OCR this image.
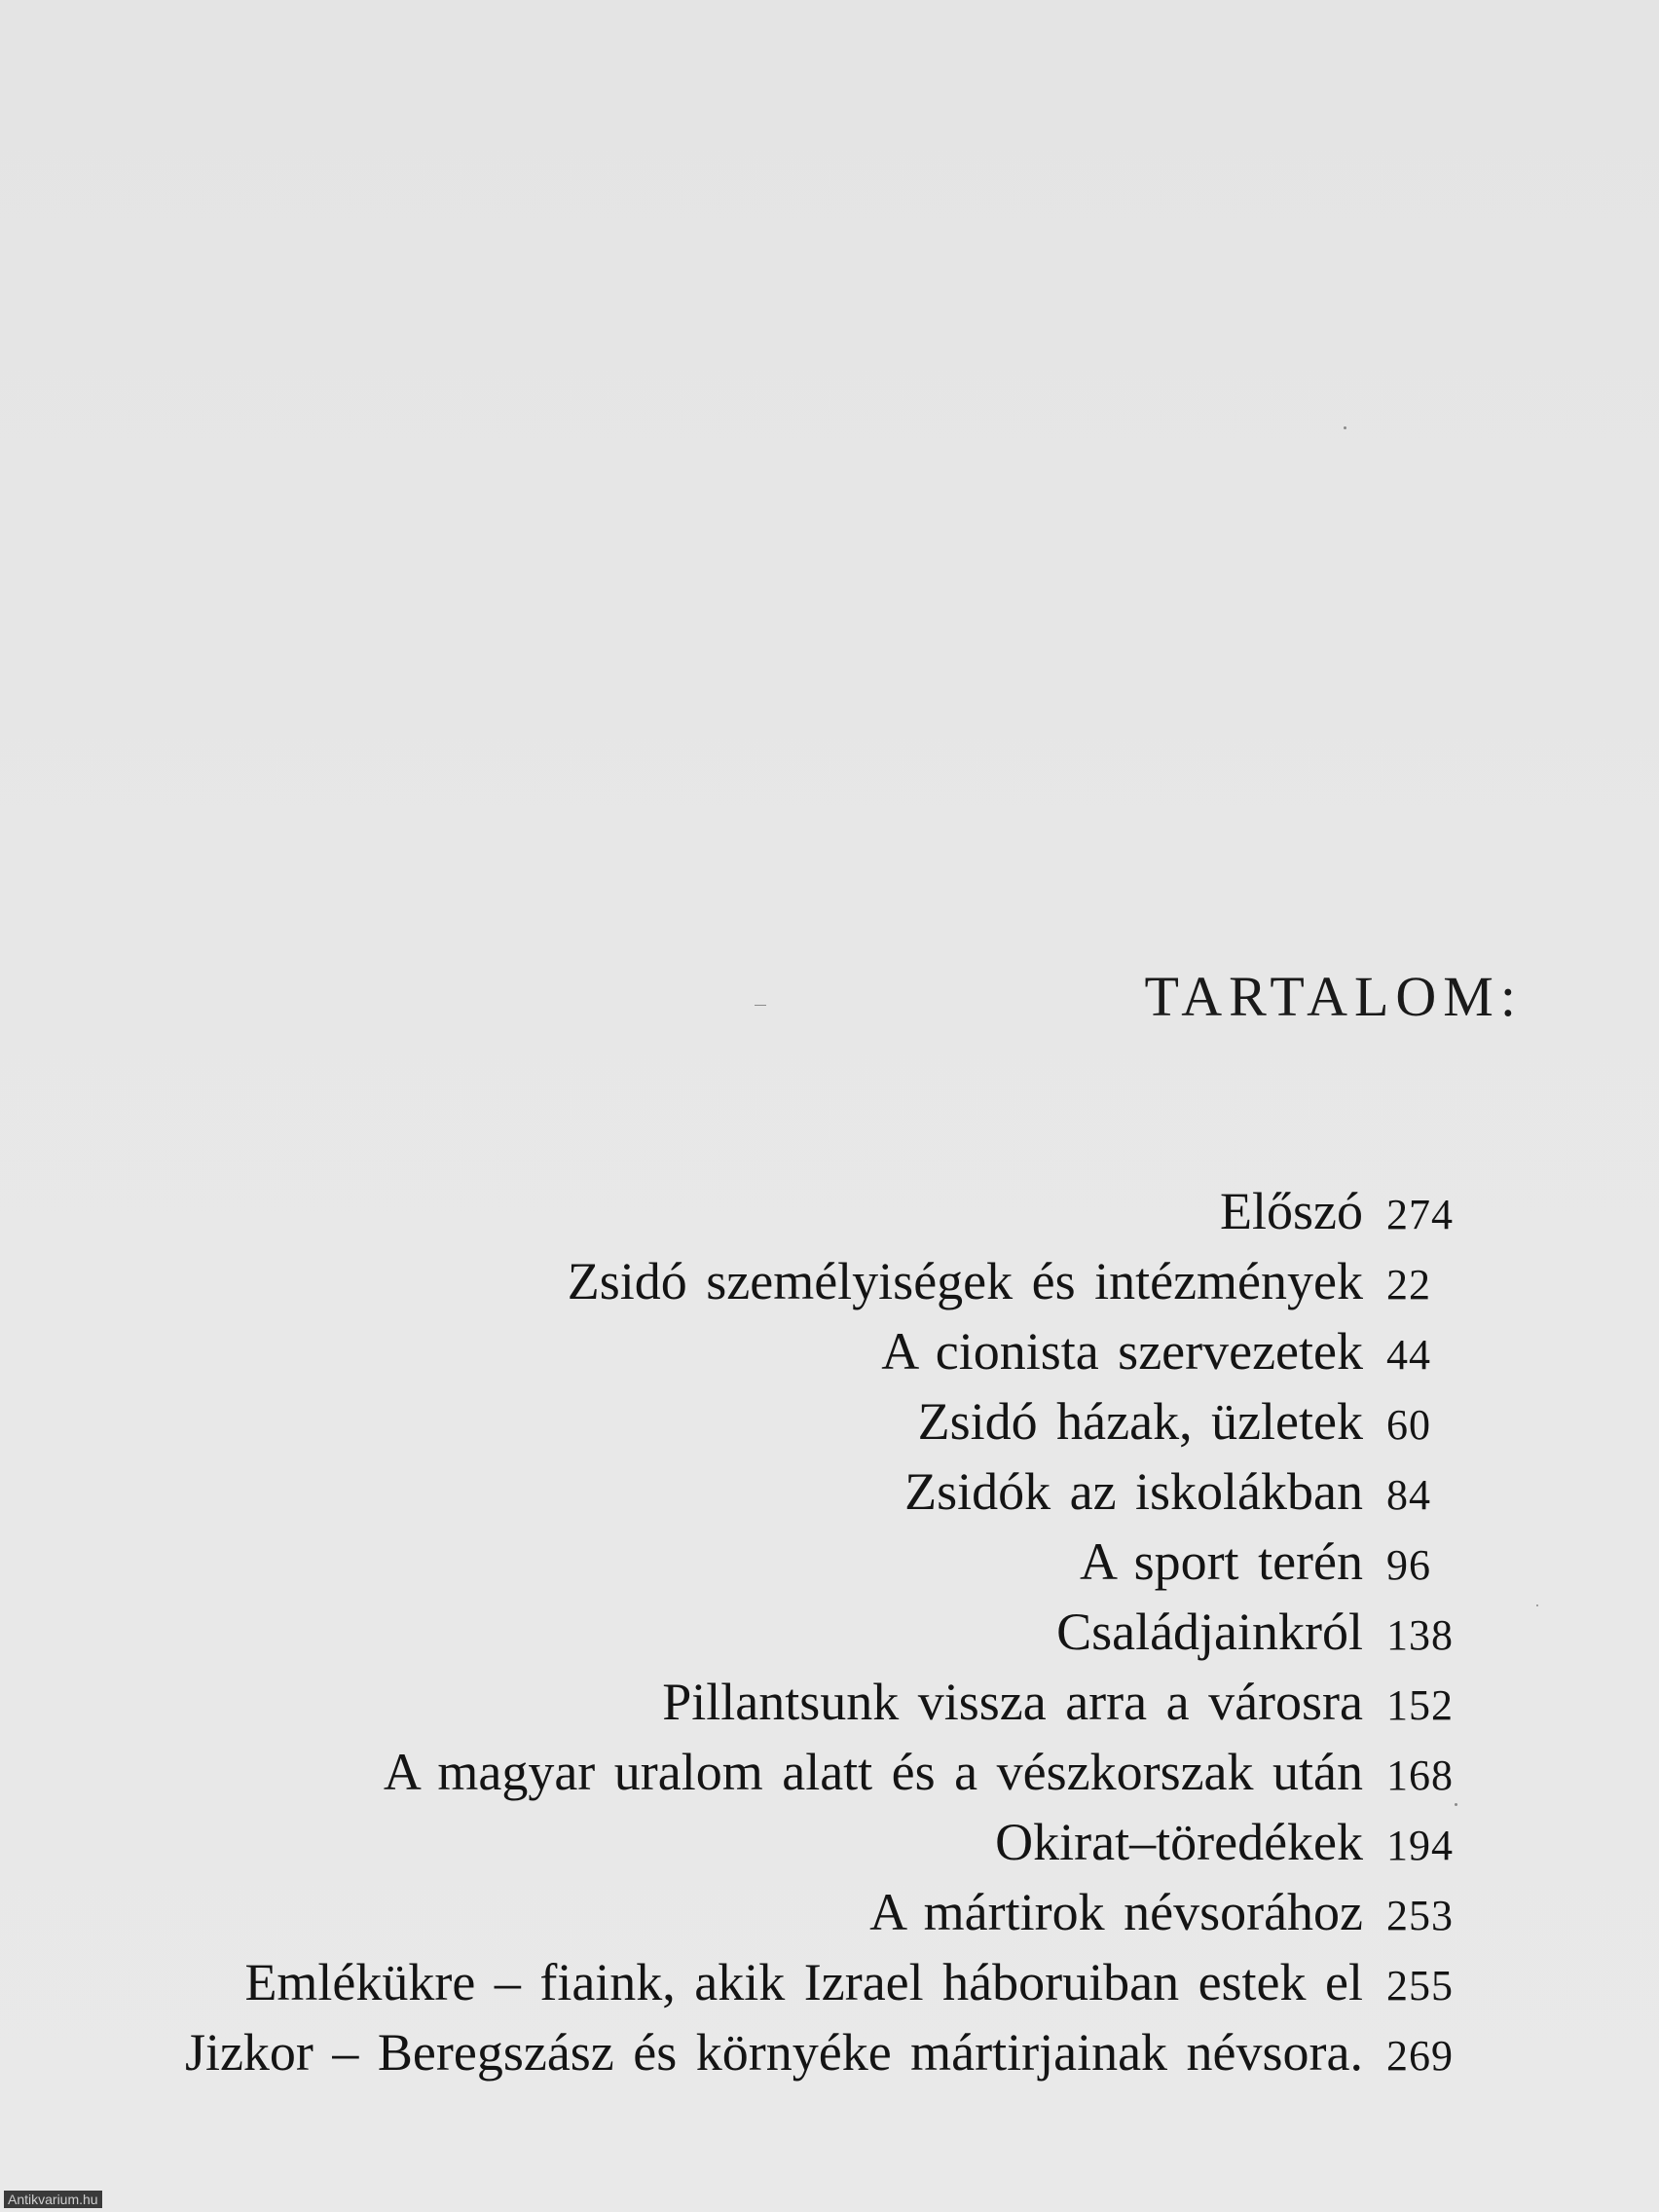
TARTALOM:
Előszó 274
Zsidó személyiségek és intézmények 22
A cionista szervezetek 44
Zsidó házak, üzletek 60
Zsidók az iskolákban 84
A sport terén 96
Családjainkról 138
Pillantsunk vissza arra a városra 152
A magyar uralom alatt és a vészkorszak után 168
Okirat–töredékek 194
A mártirok névsorához 253
Emlékükre – fiaink, akik Izrael háboruiban estek el 255
Jizkor – Beregszász és környéke mártirjainak névsora. 269
Antikvarium.hu
